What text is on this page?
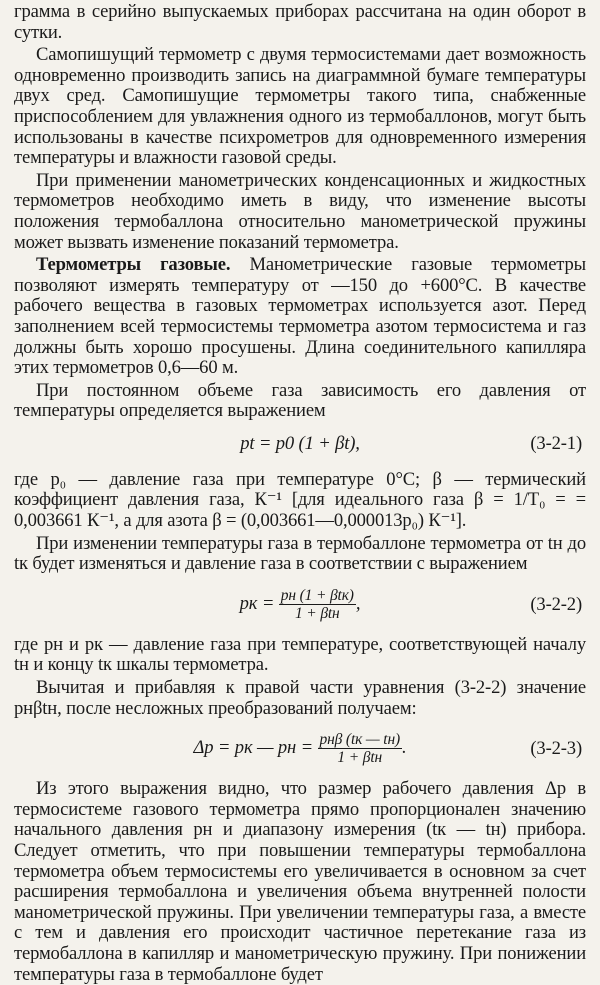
грамма в серийно выпускаемых приборах рассчитана на один оборот в сутки.

Самопишущий термометр с двумя термосистемами дает возможность одновременно производить запись на диаграммной бумаге температуры двух сред. Самопишущие термометры такого типа, снабженные приспособлением для увлажнения одного из термобаллонов, могут быть использованы в качестве психрометров для одновременного измерения температуры и влажности газовой среды.

При применении манометрических конденсационных и жидкостных термометров необходимо иметь в виду, что изменение высоты положения термобаллона относительно манометрической пружины может вызвать изменение показаний термометра.

Термометры газовые. Манометрические газовые термометры позволяют измерять температуру от —150 до +600°С. В качестве рабочего вещества в газовых термометрах используется азот. Перед заполнением всей термосистемы термометра азотом термосистема и газ должны быть хорошо просушены. Длина соединительного капилляра этих термометров 0,6—60 м.

При постоянном объеме газа зависимость его давления от температуры определяется выражением

pt = p0 (1 + βt),	(3-2-1)

где p₀ — давление газа при температуре 0°С; β — термический коэффициент давления газа, К⁻¹ [для идеального газа β = 1/T₀ = = 0,003661 К⁻¹, а для азота β = (0,003661—0,000013p₀) К⁻¹].

При изменении температуры газа в термобаллоне термометра от tн до tк будет изменяться и давление газа в соответствии с выражением

pк = $\frac{\text{pн (1 + βtк)}}{\text{1 + βtн}}$ ,	(3-2-2)

где pн и pк — давление газа при температуре, соответствующей началу tн и концу tк шкалы термометра.

Вычитая и прибавляя к правой части уравнения (3-2-2) значение pнβtн, после несложных преобразований получаем:

Δp = pк — pн = $\frac{\text{pнβ (tк — tн)}}{\text{1 + βtн}}$ .	(3-2-3)

Из этого выражения видно, что размер рабочего давления Δp в термосистеме газового термометра прямо пропорционален значению начального давления pн и диапазону измерения (tк — tн) прибора. Следует отметить, что при повышении температуры термобаллона термометра объем термосистемы его увеличивается в основном за счет расширения термобаллона и увеличения объема внутренней полости манометрической пружины. При увеличении температуры газа, а вместе с тем и давления его происходит частичное перетекание газа из термобаллона в капилляр и манометрическую пружину. При понижении температуры газа в термобаллоне будет
